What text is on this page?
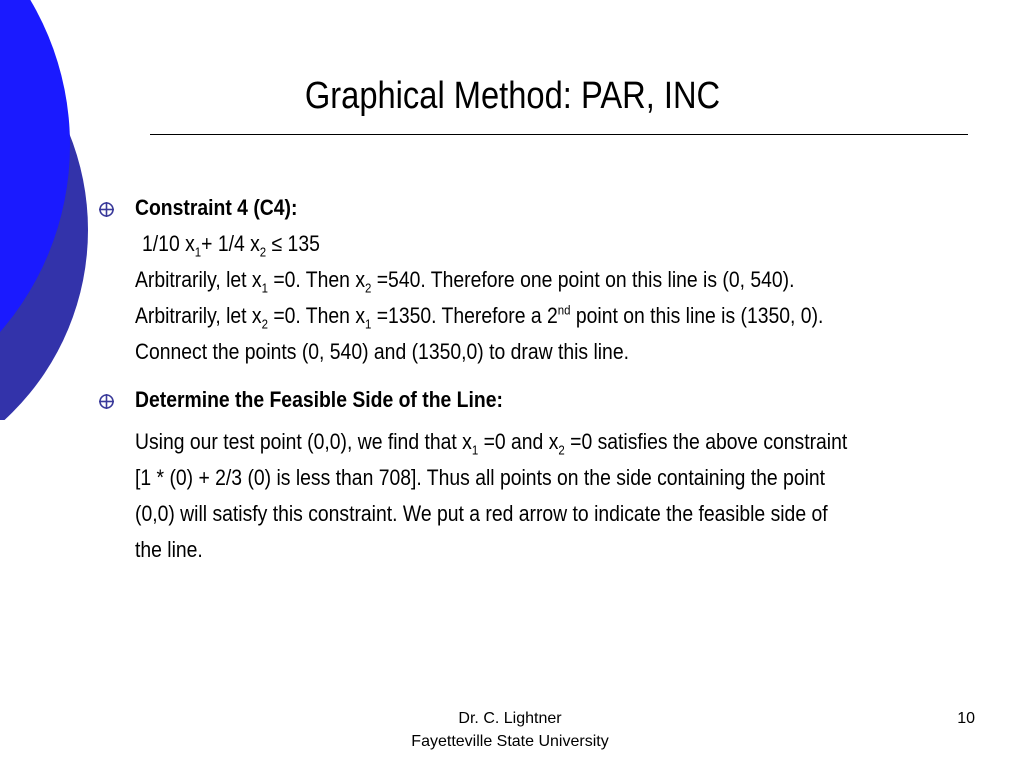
Graphical Method: PAR, INC
Constraint 4 (C4):
1/10 $x_1+ 1/4$ $x_2 \le 135$
Arbitrarily, let $x_1 =0$. Then $x_2 =540$. Therefore one point on this line is (0, 540).
Arbitrarily, let $x_2 =0$. Then $x_1 =1350$. Therefore a 2nd point on this line is (1350, 0).
Connect the points (0, 540) and (1350,0) to draw this line.
Determine the Feasible Side of the Line:
Using our test point (0,0), we find that $x_1 =0$ and $x_2 =0$ satisfies the above constraint
[1 * (0) + 2/3 (0) is less than 708]. Thus all points on the side containing the point
(0,0) will satisfy this constraint. We put a red arrow to indicate the feasible side of
the line.
Dr. C. Lightner
Fayetteville State University
10
